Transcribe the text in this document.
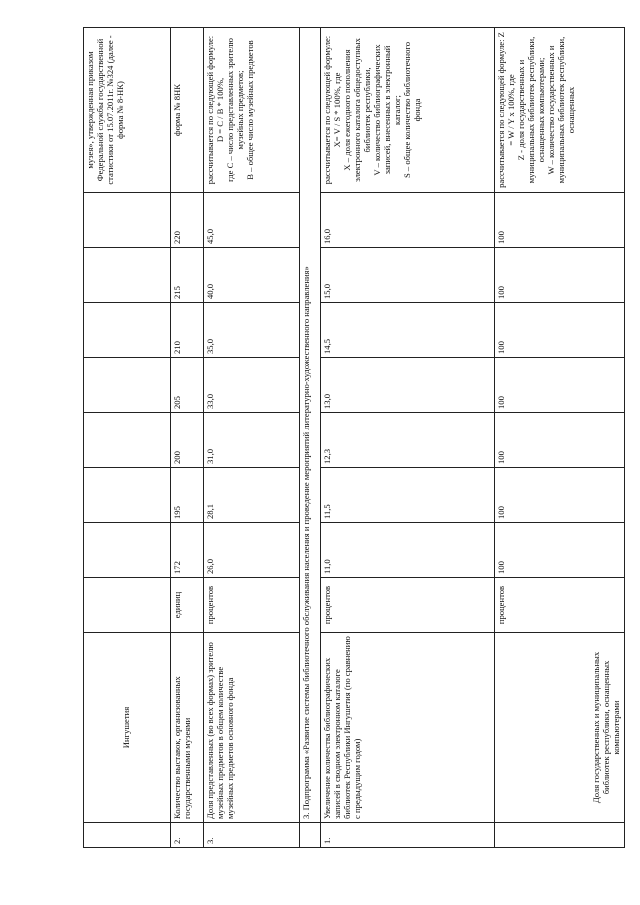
	Ингушетия									музея», утвержденная приказом Федеральной службы государственной статистики от 15.07.2011г. №324 (далее - форма № 8-НК)
2.	Количество выставок, организованных государственными музеями	единиц	172	195	200	205	210	215	220	форма № 8НК
3.	Доля представленных (во всех формах) зрителю музейных предметов в общем количестве музейных предметов основного фонда	процентов	26,0	28,1	31,0	33,0	35,0	40,0	45,0	рассчитывается по следующей формуле: D = C / B * 100%, где C – число представленных зрителю музейных предметов; B – общее число музейных предметов

	3. Подпрограмма «Развитие системы библиотечного обслуживания населения и проведение мероприятий литературно-художественного направления»									
1.	Увеличение количества библиографических записей в сводном электронном каталоге библиотек Республики Ингушетия (по сравнению с предыдущим годом)	процентов	11,0	11,5	12,3	13,0	14,5	15,0	16,0	рассчитывается по следующей формуле: X= V / S * 100%, где X – доля ежегодного пополнения электронного каталога общедоступных библиотек республики, V – количество библиографических записей, внесенных в электронный каталог; S – общее количество библиотечного фонда

	Доля государственных и муниципальных библиотек республики, оснащенных компьютерами	процентов	100	100	100	100	100	100	100	рассчитывается по следующей формуле: Z = W / Y х 100%, где Z - доля государственных и муниципальных библиотек республики, оснащенных компьютерами; W – количество государственных и муниципальных библиотек республики, оснащенных
